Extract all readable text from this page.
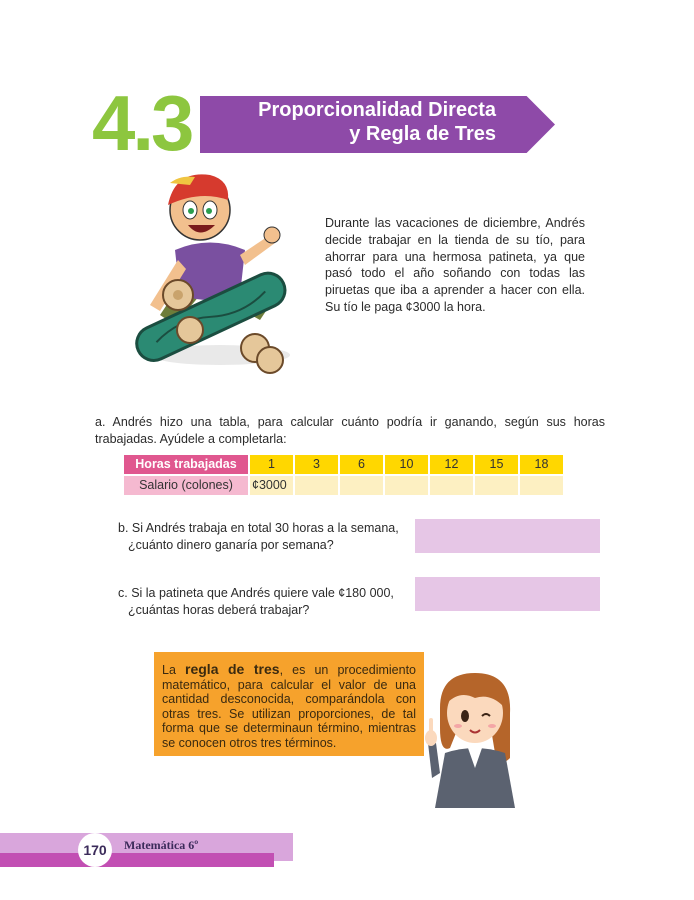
4.3	Proporcionalidad Directa
y Regla de Tres
Durante las vacaciones de diciembre, Andrés decide trabajar en la tienda de su tío, para ahorrar para una hermosa patineta, ya que pasó todo el año soñando con todas las piruetas que iba a aprender a hacer con ella. Su tío le paga ¢3000 la hora.
a. Andrés hizo una tabla, para calcular cuánto podría ir ganando, según sus horas trabajadas. Ayúdele a completarla:
Horas trabajadas	1	3	6	10	12	15	18
Salario (colones)	¢3000
b. Si Andrés trabaja en total 30 horas a la semana,
¿cuánto dinero ganaría por semana?
c. Si la patineta que Andrés quiere vale ¢180 000,
¿cuántas horas deberá trabajar?
La regla de tres, es un procedimiento matemático, para calcular el valor de una cantidad desconocida, comparándola con otras tres. Se utilizan proporciones, de tal forma que se determinaun término, mientras se conocen otros tres términos.
170	Matemática 6º
